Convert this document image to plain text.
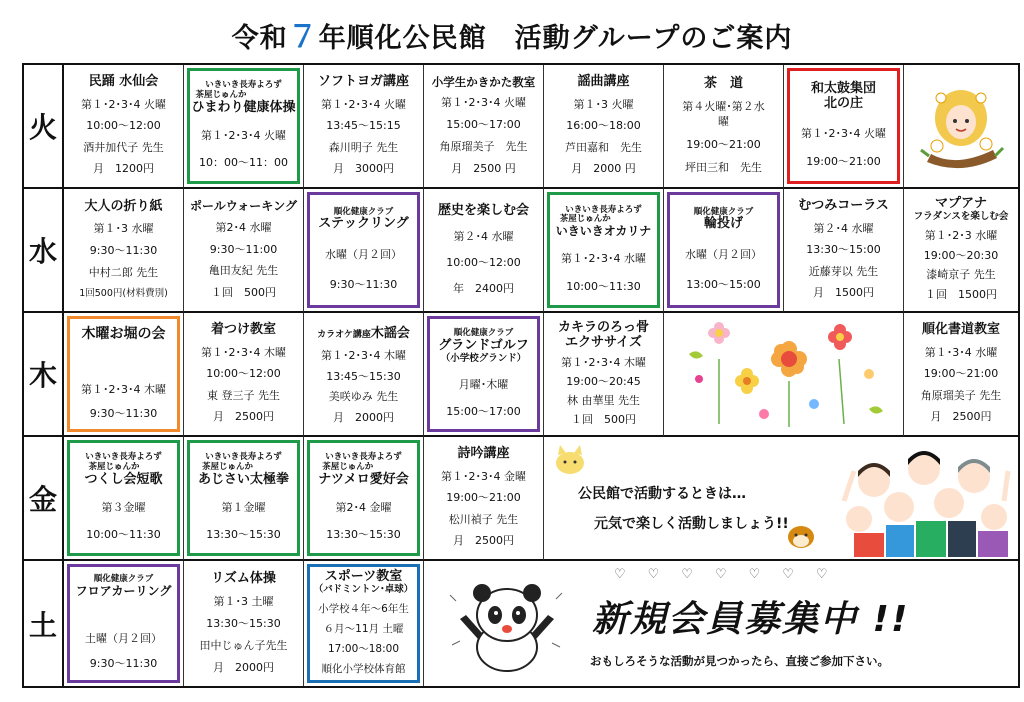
令和７年順化公民館　活動グループのご案内
火
民踊 水仙会
第１･2･3･4 火曜
10:00～12:00
酒井加代子 先生
月　1200円
いきいき長寿よろず
茶屋じゅんか
ひまわり健康体操
第１･2･3･4 火曜
10：00～11：00
ソフトヨガ講座
第１･2･3･4 火曜
13:45～15:15
森川明子 先生
月　3000円
小学生かきかた教室
第１･2･3･4 火曜
15:00～17:00
角原瑠美子　先生
月　2500 円
謡曲講座
第１･3 火曜
16:00～18:00
芦田嘉和　先生
月　2000 円
茶　道
第４火曜･第２水
曜
19:00～21:00
坪田三和　先生
和太鼓集団
北の庄
第１･2･3･4 火曜
19:00～21:00
水
大人の折り紙
第１･3 水曜
9:30～11:30
中村二郎 先生
1回500円(材料費別)
ポールウォーキング
第2･4 水曜
9:30～11:00
亀田友紀 先生
１回　500円
順化健康クラブ
ステックリング
水曜（月２回）
9:30～11:30
歴史を楽しむ会
第２･4 水曜
10:00～12:00
年　2400円
いきいき長寿よろず
茶屋じゅんか
いきいきオカリナ
第１･2･3･4 水曜
10:00～11:30
順化健康クラブ
輪投げ
水曜（月２回）
13:00～15:00
むつみコーラス
第２･4 水曜
13:30～15:00
近藤芽以 先生
月　1500円
マプアナ
フラダンスを楽しむ会
第１･2･3 水曜
19:00～20:30
漆崎京子 先生
１回　1500円
木
木曜お堀の会
第１･2･3･4 木曜
9:30～11:30
着つけ教室
第１･2･3･4 木曜
10:00～12:00
東 登三子 先生
月　2500円
カラオケ講座木謡会
第１･2･3･4 木曜
13:45～15:30
美咲ゆみ 先生
月　2000円
順化健康クラブ
グランドゴルフ
（小学校グランド）
月曜･木曜
15:00～17:00
カキラのろっ骨
エクササイズ
第１･2･3･4 木曜
19:00～20:45
林 由華里 先生
１回　500円
順化書道教室
第１･3･4 水曜
19:00～21:00
角原瑠美子 先生
月　2500円
金
いきいき長寿よろず
茶屋じゅんか
つくし会短歌
第３金曜
10:00～11:30
いきいき長寿よろず
茶屋じゅんか
あじさい太極拳
第１金曜
13:30～15:30
いきいき長寿よろず
茶屋じゅんか
ナツメロ愛好会
第2･4 金曜
13:30～15:30
詩吟講座
第１･2･3･4 金曜
19:00～21:00
松川禎子 先生
月　2500円
公民館で活動するときは…
元気で楽しく活動しましょう!!
土
順化健康クラブ
フロアカーリング
土曜（月２回）
9:30～11:30
リズム体操
第１･3 土曜
13:30～15:30
田中じゅん子先生
月　2000円
スポーツ教室
（バドミントン･卓球）
小学校４年～6年生
６月～11月 土曜
17:00～18:00
順化小学校体育館
♡♡♡♡♡♡♡
新規会員募集中 !!
おもしろそうな活動が見つかったら、直接ご参加下さい。
